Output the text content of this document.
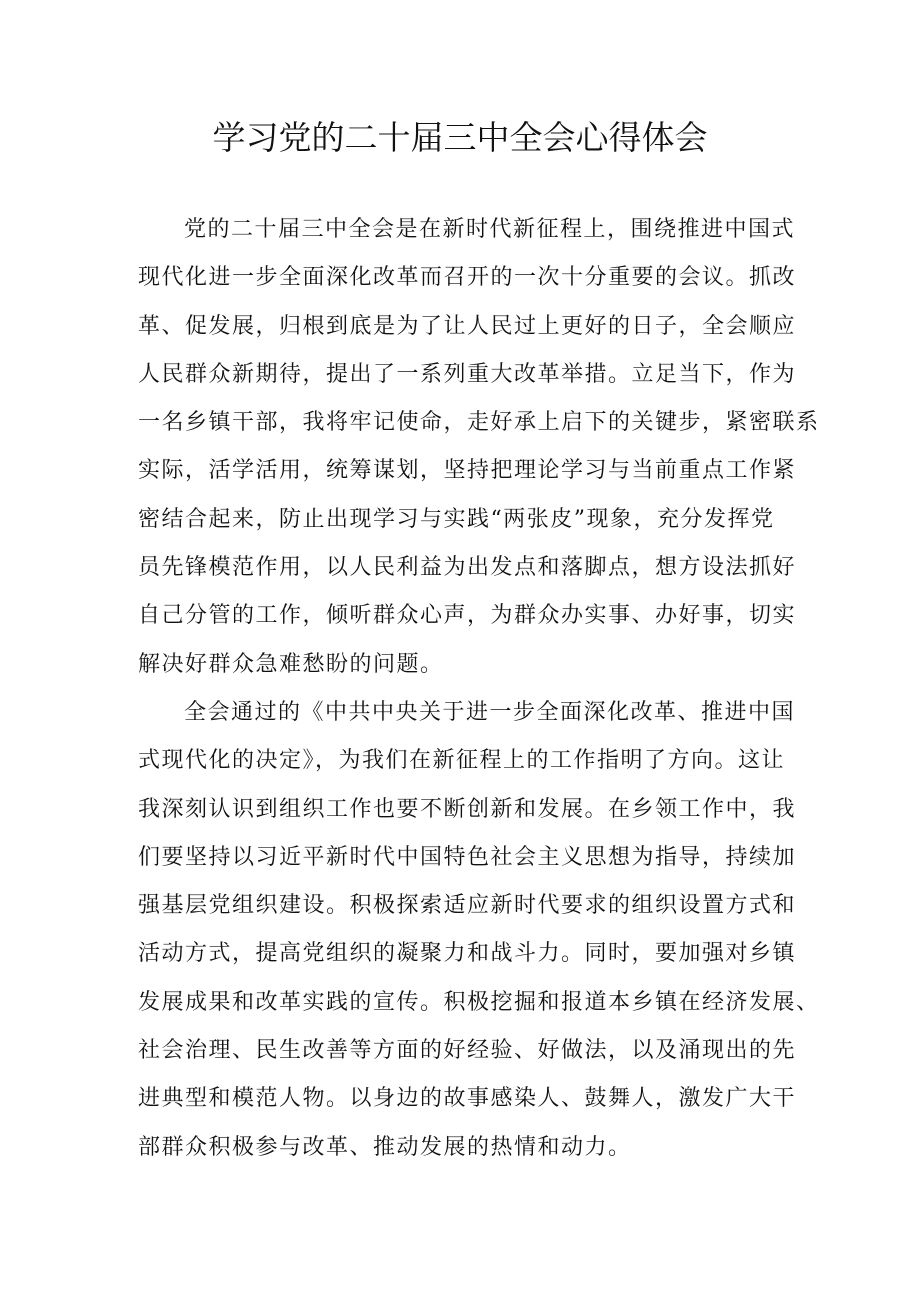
学习党的二十届三中全会心得体会
党的二十届三中全会是在新时代新征程上，围绕推进中国式
现代化进一步全面深化改革而召开的一次十分重要的会议。抓改
革、促发展，归根到底是为了让人民过上更好的日子，全会顺应
人民群众新期待，提出了一系列重大改革举措。立足当下，作为
一名乡镇干部，我将牢记使命，走好承上启下的关键步，紧密联系
实际，活学活用，统筹谋划，坚持把理论学习与当前重点工作紧
密结合起来，防止出现学习与实践“两张皮”现象，充分发挥党
员先锋模范作用，以人民利益为出发点和落脚点，想方设法抓好
自己分管的工作，倾听群众心声，为群众办实事、办好事，切实
解决好群众急难愁盼的问题。
全会通过的《中共中央关于进一步全面深化改革、推进中国
式现代化的决定》，为我们在新征程上的工作指明了方向。这让
我深刻认识到组织工作也要不断创新和发展。在乡领工作中，我
们要坚持以习近平新时代中国特色社会主义思想为指导，持续加
强基层党组织建设。积极探索适应新时代要求的组织设置方式和
活动方式，提高党组织的凝聚力和战斗力。同时，要加强对乡镇
发展成果和改革实践的宣传。积极挖掘和报道本乡镇在经济发展、
社会治理、民生改善等方面的好经验、好做法，以及涌现出的先
进典型和模范人物。以身边的故事感染人、鼓舞人，激发广大干
部群众积极参与改革、推动发展的热情和动力。
